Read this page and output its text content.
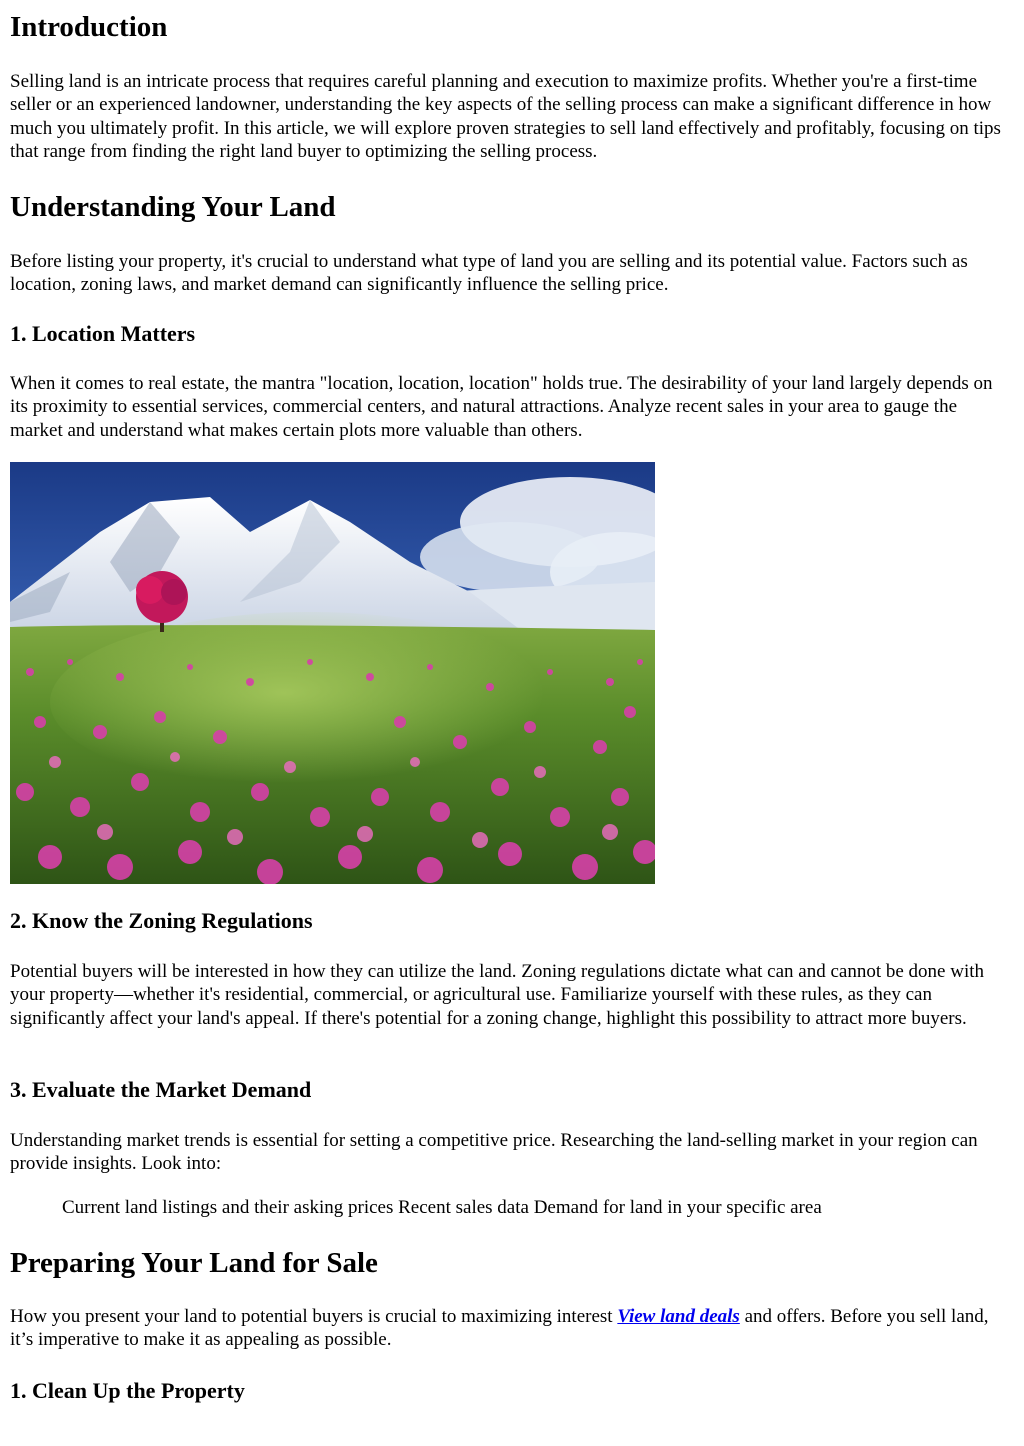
Introduction

Selling land is an intricate process that requires careful planning and execution to maximize profits. Whether you're a first-time seller or an experienced landowner, understanding the key aspects of the selling process can make a significant difference in how much you ultimately profit. In this article, we will explore proven strategies to sell land effectively and profitably, focusing on tips that range from finding the right land buyer to optimizing the selling process.

Understanding Your Land

Before listing your property, it's crucial to understand what type of land you are selling and its potential value. Factors such as location, zoning laws, and market demand can significantly influence the selling price.

1. Location Matters

When it comes to real estate, the mantra "location, location, location" holds true. The desirability of your land largely depends on its proximity to essential services, commercial centers, and natural attractions. Analyze recent sales in your area to gauge the market and understand what makes certain plots more valuable than others.

2. Know the Zoning Regulations

Potential buyers will be interested in how they can utilize the land. Zoning regulations dictate what can and cannot be done with your property—whether it's residential, commercial, or agricultural use. Familiarize yourself with these rules, as they can significantly affect your land's appeal. If there's potential for a zoning change, highlight this possibility to attract more buyers.

3. Evaluate the Market Demand

Understanding market trends is essential for setting a competitive price. Researching the land-selling market in your region can provide insights. Look into:

Current land listings and their asking prices Recent sales data Demand for land in your specific area

Preparing Your Land for Sale

How you present your land to potential buyers is crucial to maximizing interest View land deals and offers. Before you sell land, it’s imperative to make it as appealing as possible.

1. Clean Up the Property
